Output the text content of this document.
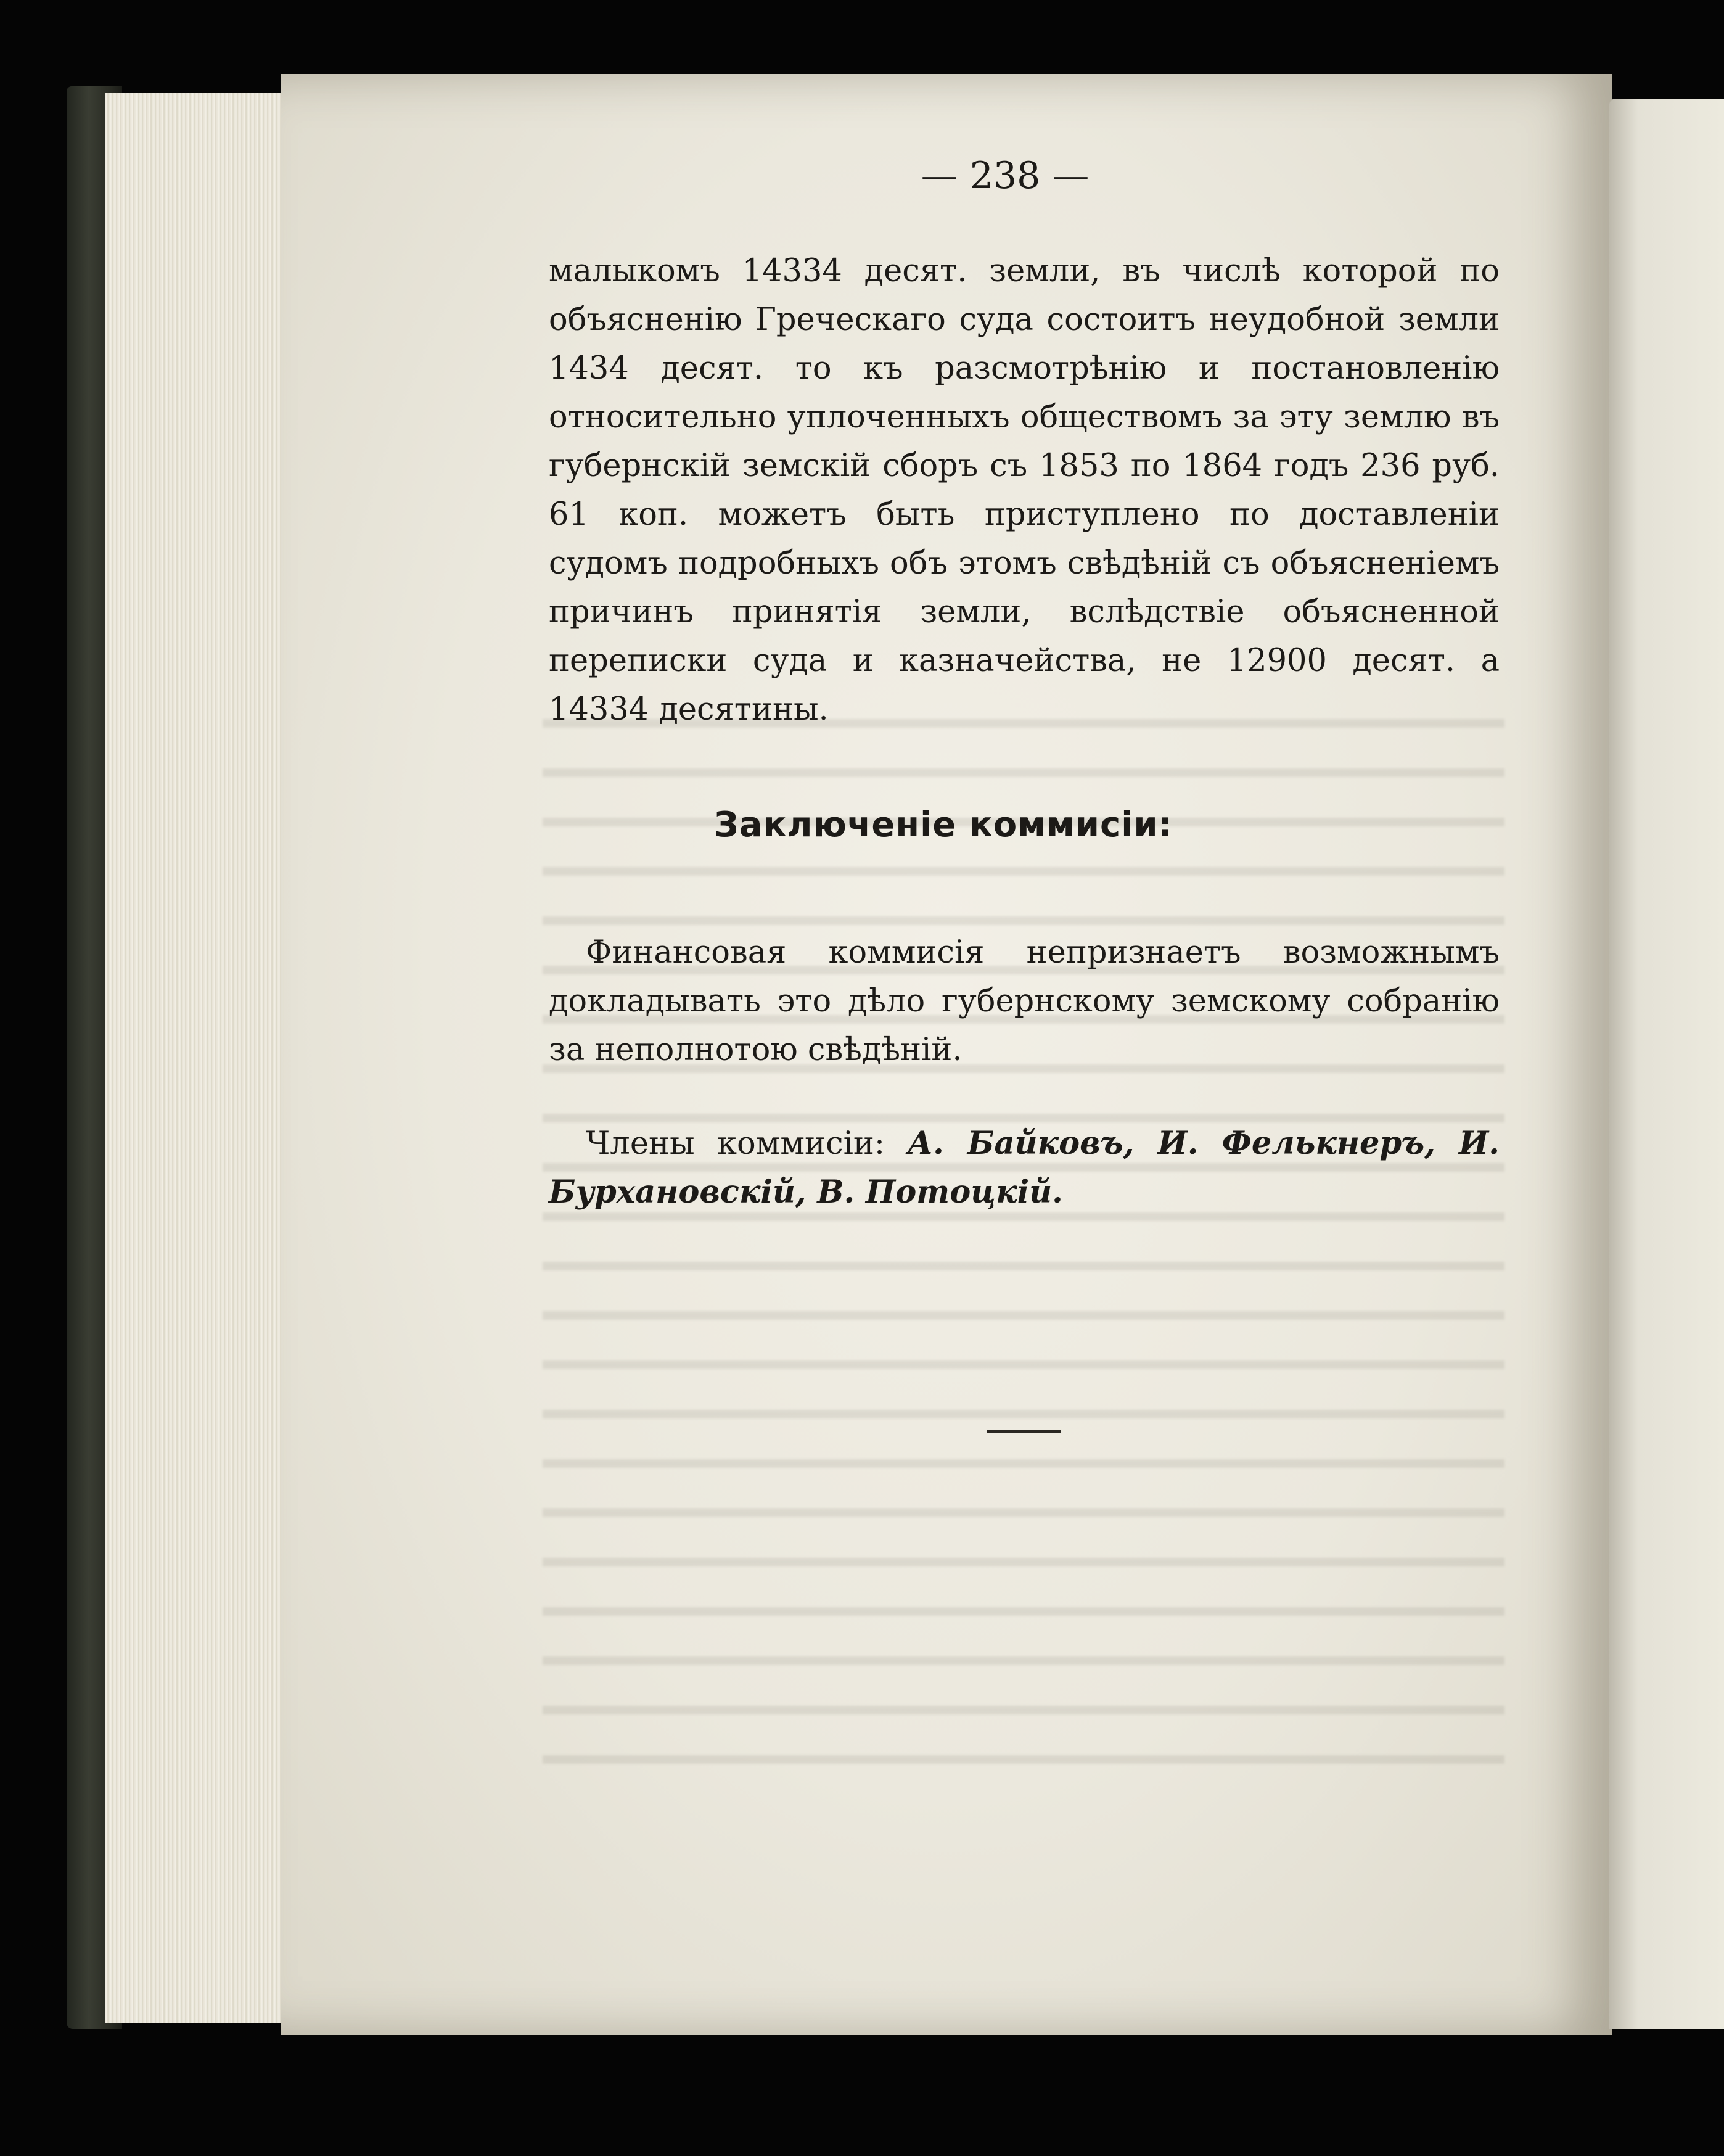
— 238 —

малыкомъ 14334 десят. земли, въ числѣ которой по объясненію Греческаго суда состоитъ неудобной земли 1434 десят. то къ разсмотрѣнію и постановленію относительно уплоченныхъ обществомъ за эту землю въ губернскій земскій сборъ съ 1853 по 1864 годъ 236 руб. 61 коп. можетъ быть приступлено по доставленіи судомъ подробныхъ объ этомъ свѣдѣній съ объясненіемъ причинъ принятія земли, вслѣдствіе объясненной переписки суда и казначейства, не 12900 десят. а 14334 десятины.

Заключеніе коммисіи:

Финансовая коммисія непризнаетъ возможнымъ докладывать это дѣло губернскому земскому собранію за неполнотою свѣдѣній.

Члены коммисіи: А. Байковъ, И. Фелькнеръ, И. Бурхановскій, В. Потоцкій.
